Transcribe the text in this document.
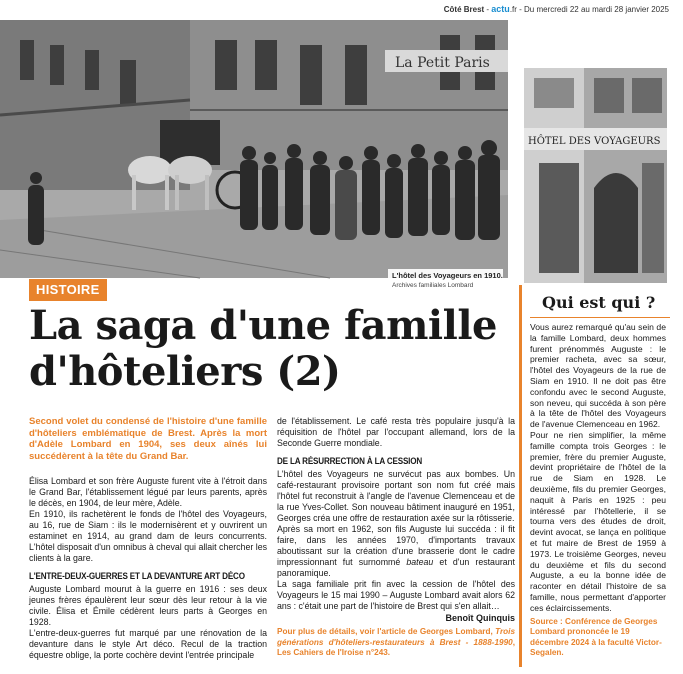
Côté Brest - actu.fr - Du mercredi 22 au mardi 28 janvier 2025
La Petit Paris
L'hôtel des Voyageurs en 1910.
Archives familiales Lombard
HÔTEL DES VOYAGEURS
HISTOIRE
La saga d'une famille
d'hôteliers (2)

Second volet du condensé de l'histoire d'une famille d'hôteliers emblématique de Brest. Après la mort d'Adèle Lombard en 1904, ses deux aînés lui succédèrent à la tête du Grand Bar.

Élisa Lombard et son frère Auguste furent vite à l'étroit dans le Grand Bar, l'établissement légué par leurs parents, après le décès, en 1904, de leur mère, Adèle.

En 1910, ils rachetèrent le fonds de l'hôtel des Voyageurs, au 16, rue de Siam : ils le modernisèrent et y ouvrirent un estaminet en 1914, au grand dam de leurs concurrents. L'hôtel disposait d'un omnibus à cheval qui allait chercher les clients à la gare.

L'ENTRE-DEUX-GUERRES ET LA DEVANTURE ART DÉCO

Auguste Lombard mourut à la guerre en 1916 : ses deux jeunes frères épaulèrent leur sœur dès leur retour à la vie civile. Élisa et Émile cédèrent leurs parts à Georges en 1928.

L'entre-deux-guerres fut marqué par une rénovation de la devanture dans le style Art déco. Recul de la traction équestre oblige, la porte cochère devint l'entrée principale

de l'établissement. Le café resta très populaire jusqu'à la réquisition de l'hôtel par l'occupant allemand, lors de la Seconde Guerre mondiale.

DE LA RÉSURRECTION À LA CESSION

L'hôtel des Voyageurs ne survécut pas aux bombes. Un café-restaurant provisoire portant son nom fut créé mais l'hôtel fut reconstruit à l'angle de l'avenue Clemenceau et de la rue Yves-Collet. Son nouveau bâtiment inauguré en 1951, Georges créa une offre de restauration axée sur la rôtisserie.

Après sa mort en 1962, son fils Auguste lui succéda : il fit faire, dans les années 1970, d'importants travaux aboutissant sur la création d'une brasserie dont le cadre impressionnant fut surnommé bateau et d'un restaurant panoramique.

La saga familiale prit fin avec la cession de l'hôtel des Voyageurs le 15 mai 1990 – Auguste Lombard avait alors 62 ans : c'était une part de l'histoire de Brest qui s'en allait…

Benoît Quinquis

Pour plus de détails, voir l'article de Georges Lombard, Trois générations d'hôteliers-restaurateurs à Brest - 1888-1990, Les Cahiers de l'Iroise n°243.

Qui est qui ?

Vous aurez remarqué qu'au sein de la famille Lombard, deux hommes furent prénommés Auguste : le premier racheta, avec sa sœur, l'hôtel des Voyageurs de la rue de Siam en 1910. Il ne doit pas être confondu avec le second Auguste, son neveu, qui succéda à son père à la tête de l'hôtel des Voyageurs de l'avenue Clemenceau en 1962.

Pour ne rien simplifier, la même famille compta trois Georges : le premier, frère du premier Auguste, devint propriétaire de l'hôtel de la rue de Siam en 1928. Le deuxième, fils du premier Georges, naquit à Paris en 1925 : peu intéressé par l'hôtellerie, il se tourna vers des études de droit, devint avocat, se lança en politique et fut maire de Brest de 1959 à 1973. Le troisième Georges, neveu du deuxième et fils du second Auguste, a eu la bonne idée de raconter en détail l'histoire de sa famille, nous permettant d'apporter ces éclaircissements.

Source : Conférence de Georges Lombard prononcée le 19 décembre 2024 à la faculté Victor-Segalen.
